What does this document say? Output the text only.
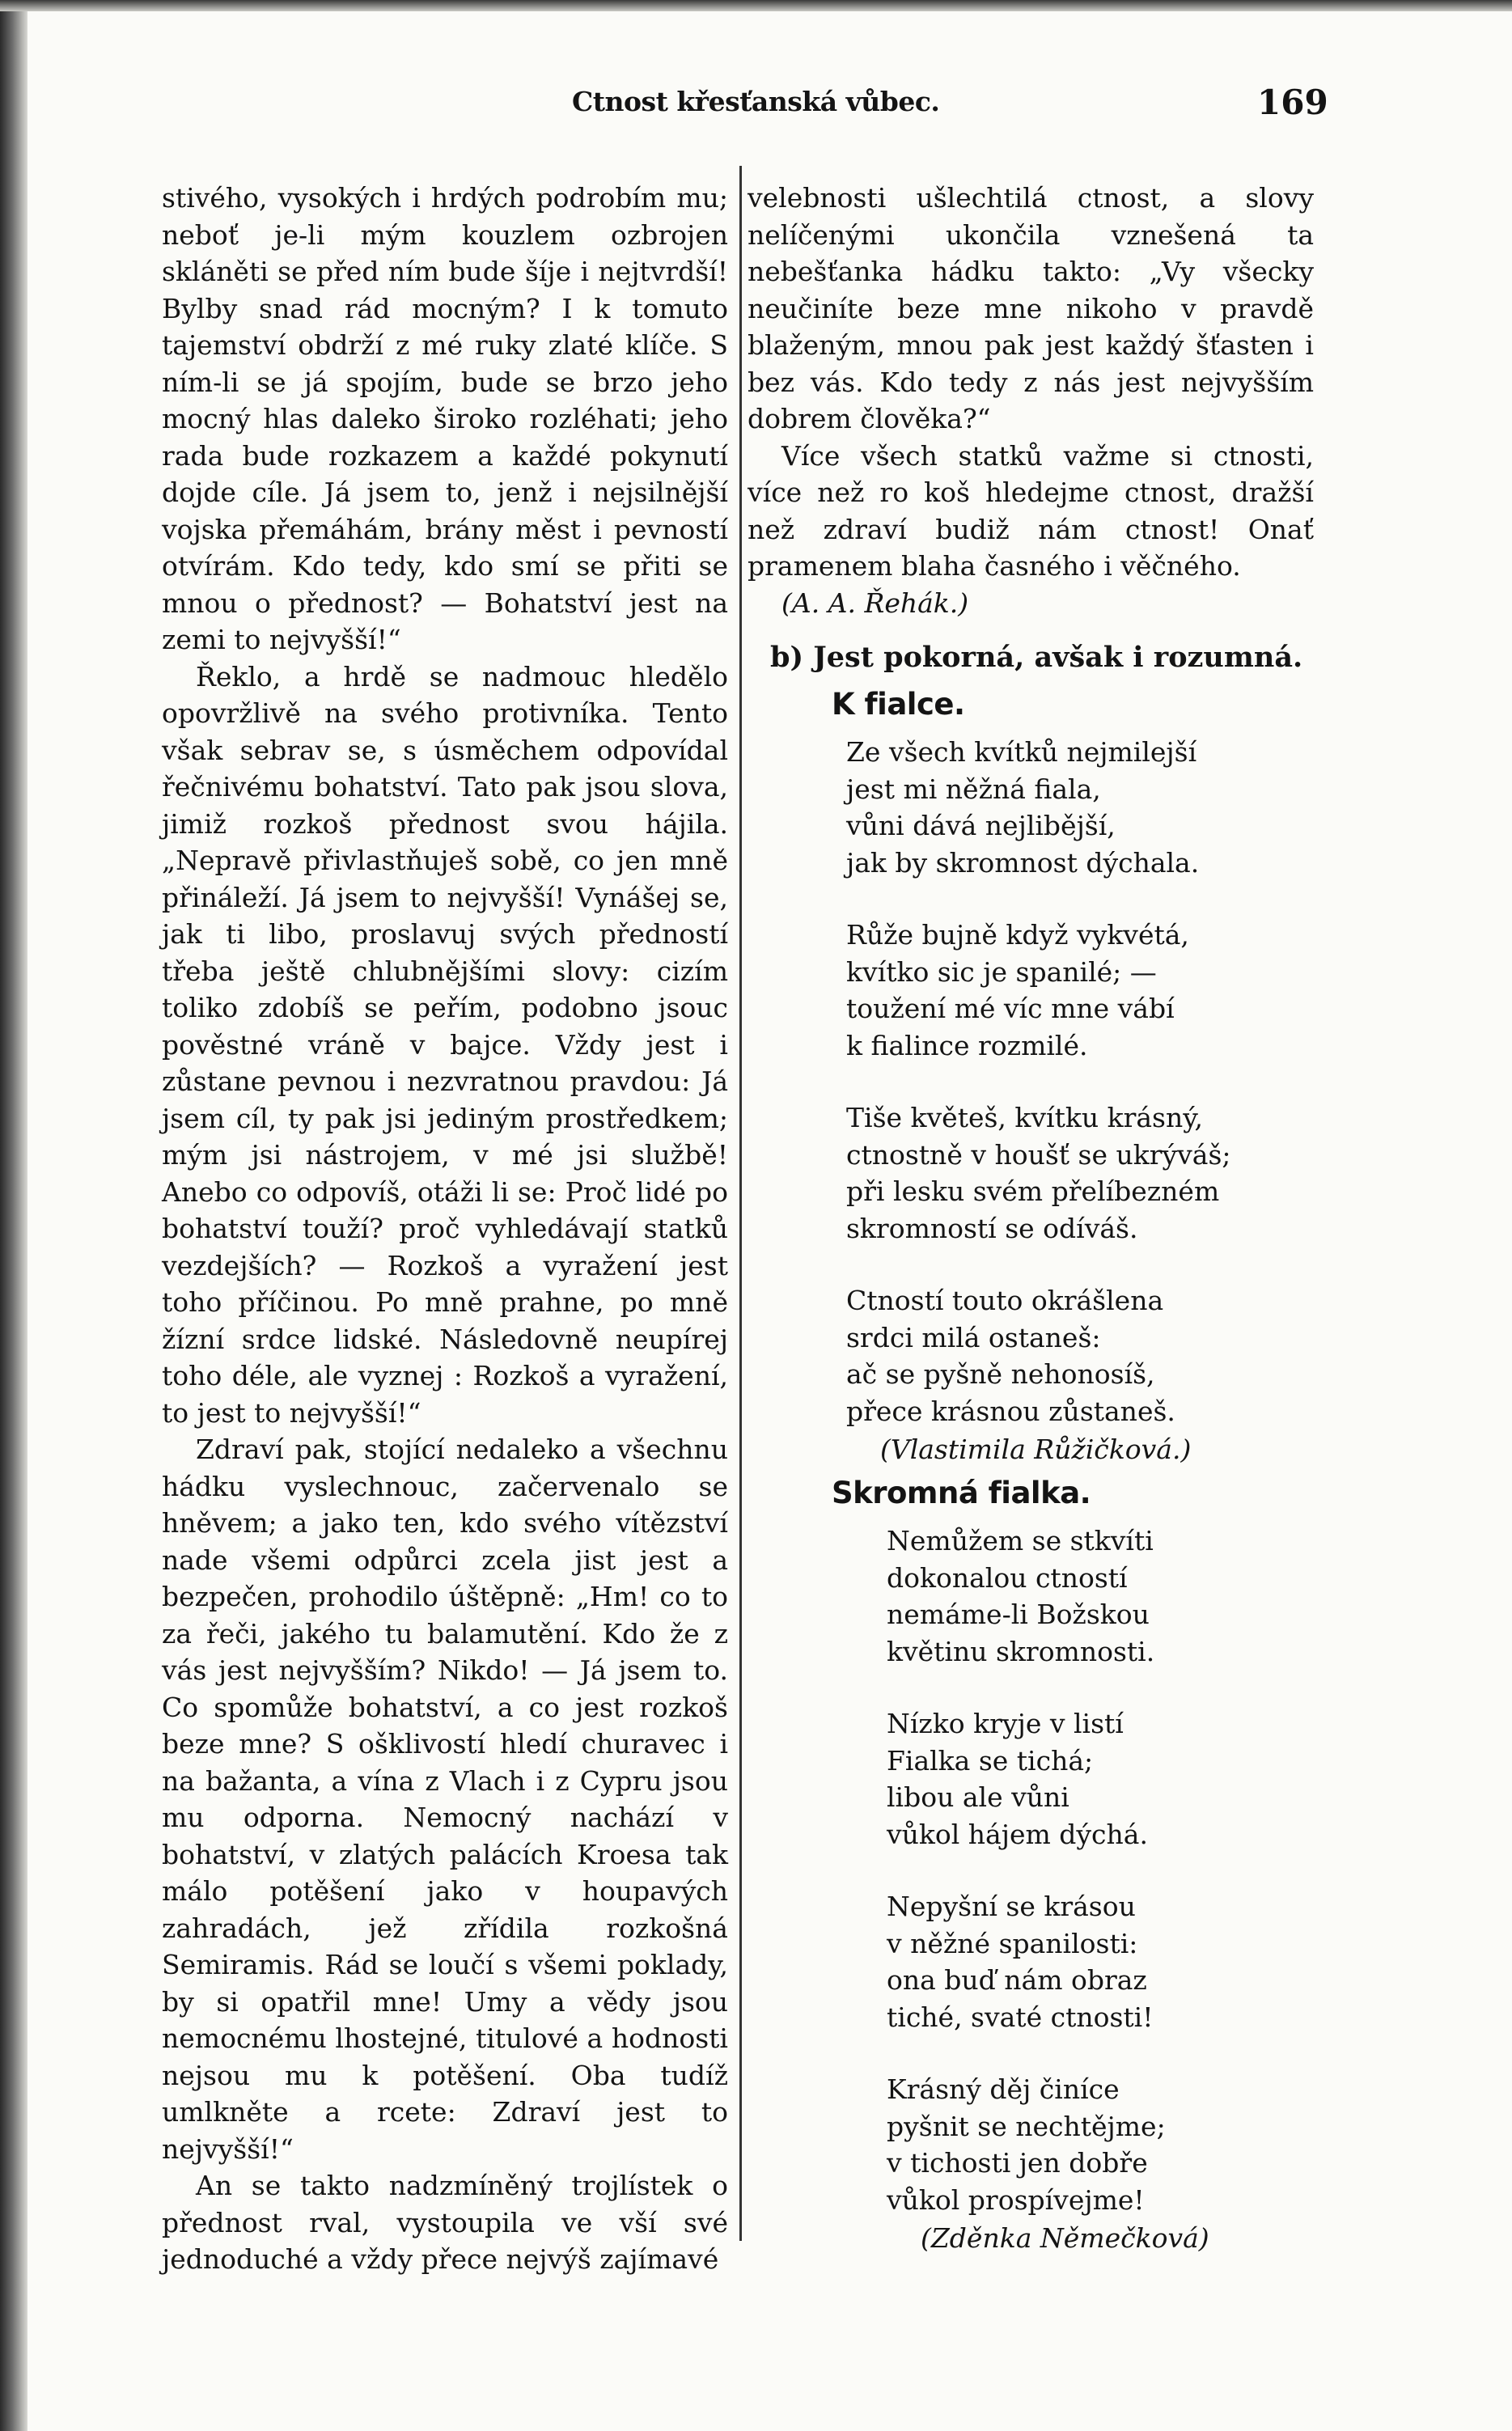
Ctnost křesťanská vůbec.	169

stivého, vysokých i hrdých podrobím mu; neboť je-li mým kouzlem ozbrojen skláněti se před ním bude šíje i nejtvrdší! Bylby snad rád mocným? I k tomuto tajemství obdrží z mé ruky zlaté klíče. S ním-li se já spojím, bude se brzo jeho mocný hlas daleko široko rozléhati; jeho rada bude rozkazem a každé pokynutí dojde cíle. Já jsem to, jenž i nejsilnější vojska přemáhám, brány měst i pevností otvírám. Kdo tedy, kdo smí se přiti se mnou o přednost? — Bohatství jest na zemi to nejvyšší!“

Řeklo, a hrdě se nadmouc hledělo opovržlivě na svého protivníka. Tento však sebrav se, s úsměchem odpovídal řečnivému bohatství. Tato pak jsou slova, jimiž rozkoš přednost svou hájila. „Nepravě přivlastňuješ sobě, co jen mně přináleží. Já jsem to nejvyšší! Vynášej se, jak ti libo, proslavuj svých předností třeba ještě chlubnějšími slovy: cizím toliko zdobíš se peřím, podobno jsouc pověstné vráně v bajce. Vždy jest i zůstane pevnou i nezvratnou pravdou: Já jsem cíl, ty pak jsi jediným prostředkem; mým jsi nástrojem, v mé jsi službě! Anebo co odpovíš, otáži li se: Proč lidé po bohatství touží? proč vyhledávají statků vezdejších? — Rozkoš a vyražení jest toho příčinou. Po mně prahne, po mně žízní srdce lidské. Následovně neupírej toho déle, ale vyznej : Rozkoš a vyražení, to jest to nejvyšší!“

Zdraví pak, stojící nedaleko a všechnu hádku vyslechnouc, začervenalo se hněvem; a jako ten, kdo svého vítězství nade všemi odpůrci zcela jist jest a bezpečen, prohodilo úštěpně: „Hm! co to za řeči, jakého tu balamutění. Kdo že z vás jest nejvyšším? Nikdo! — Já jsem to. Co spomůže bohatství, a co jest rozkoš beze mne? S ošklivostí hledí churavec i na bažanta, a vína z Vlach i z Cypru jsou mu odporna. Nemocný nachází v bohatství, v zlatých palácích Kroesa tak málo potěšení jako v houpavých zahradách, jež zřídila rozkošná Semiramis. Rád se loučí s všemi poklady, by si opatřil mne! Umy a vědy jsou nemocnému lhostejné, titulové a hodnosti nejsou mu k potěšení. Oba tudíž umlkněte a rcete: Zdraví jest to nejvyšší!“

An se takto nadzmíněný trojlístek o přednost rval, vystoupila ve vší své jednoduché a vždy přece nejvýš zajímavé

velebnosti ušlechtilá ctnost, a slovy nelíčenými ukončila vznešená ta nebešťanka hádku takto: „Vy všecky neučiníte beze mne nikoho v pravdě blaženým, mnou pak jest každý šťasten i bez vás. Kdo tedy z nás jest nejvyšším dobrem člověka?“

Více všech statků važme si ctnosti, více než ro koš hledejme ctnost, dražší než zdraví budiž nám ctnost! Onať pramenem blaha časného i věčného.

(A. A. Řehák.)

b) Jest pokorná, avšak i rozumná.
K fialce.
Ze všech kvítků nejmilejší
jest mi něžná fiala,
vůni dává nejlibější,
jak by skromnost dýchala.
Růže bujně když vykvétá,
kvítko sic je spanilé; —
toužení mé víc mne vábí
k fialince rozmilé.
Tiše květeš, kvítku krásný,
ctnostně v houšť se ukrýváš;
při lesku svém přelíbezném
skromností se odíváš.
Ctností touto okrášlena
srdci milá ostaneš:
ač se pyšně nehonosíš,
přece krásnou zůstaneš.

(Vlastimila Růžičková.)

Skromná fialka.
Nemůžem se stkvíti
dokonalou ctností
nemáme-li Božskou
květinu skromnosti.
Nízko kryje v listí
Fialka se tichá;
libou ale vůni
vůkol hájem dýchá.
Nepyšní se krásou
v něžné spanilosti:
ona buď nám obraz
tiché, svaté ctnosti!
Krásný děj činíce
pyšnit se nechtějme;
v tichosti jen dobře
vůkol prospívejme!

(Zděnka Němečková)
